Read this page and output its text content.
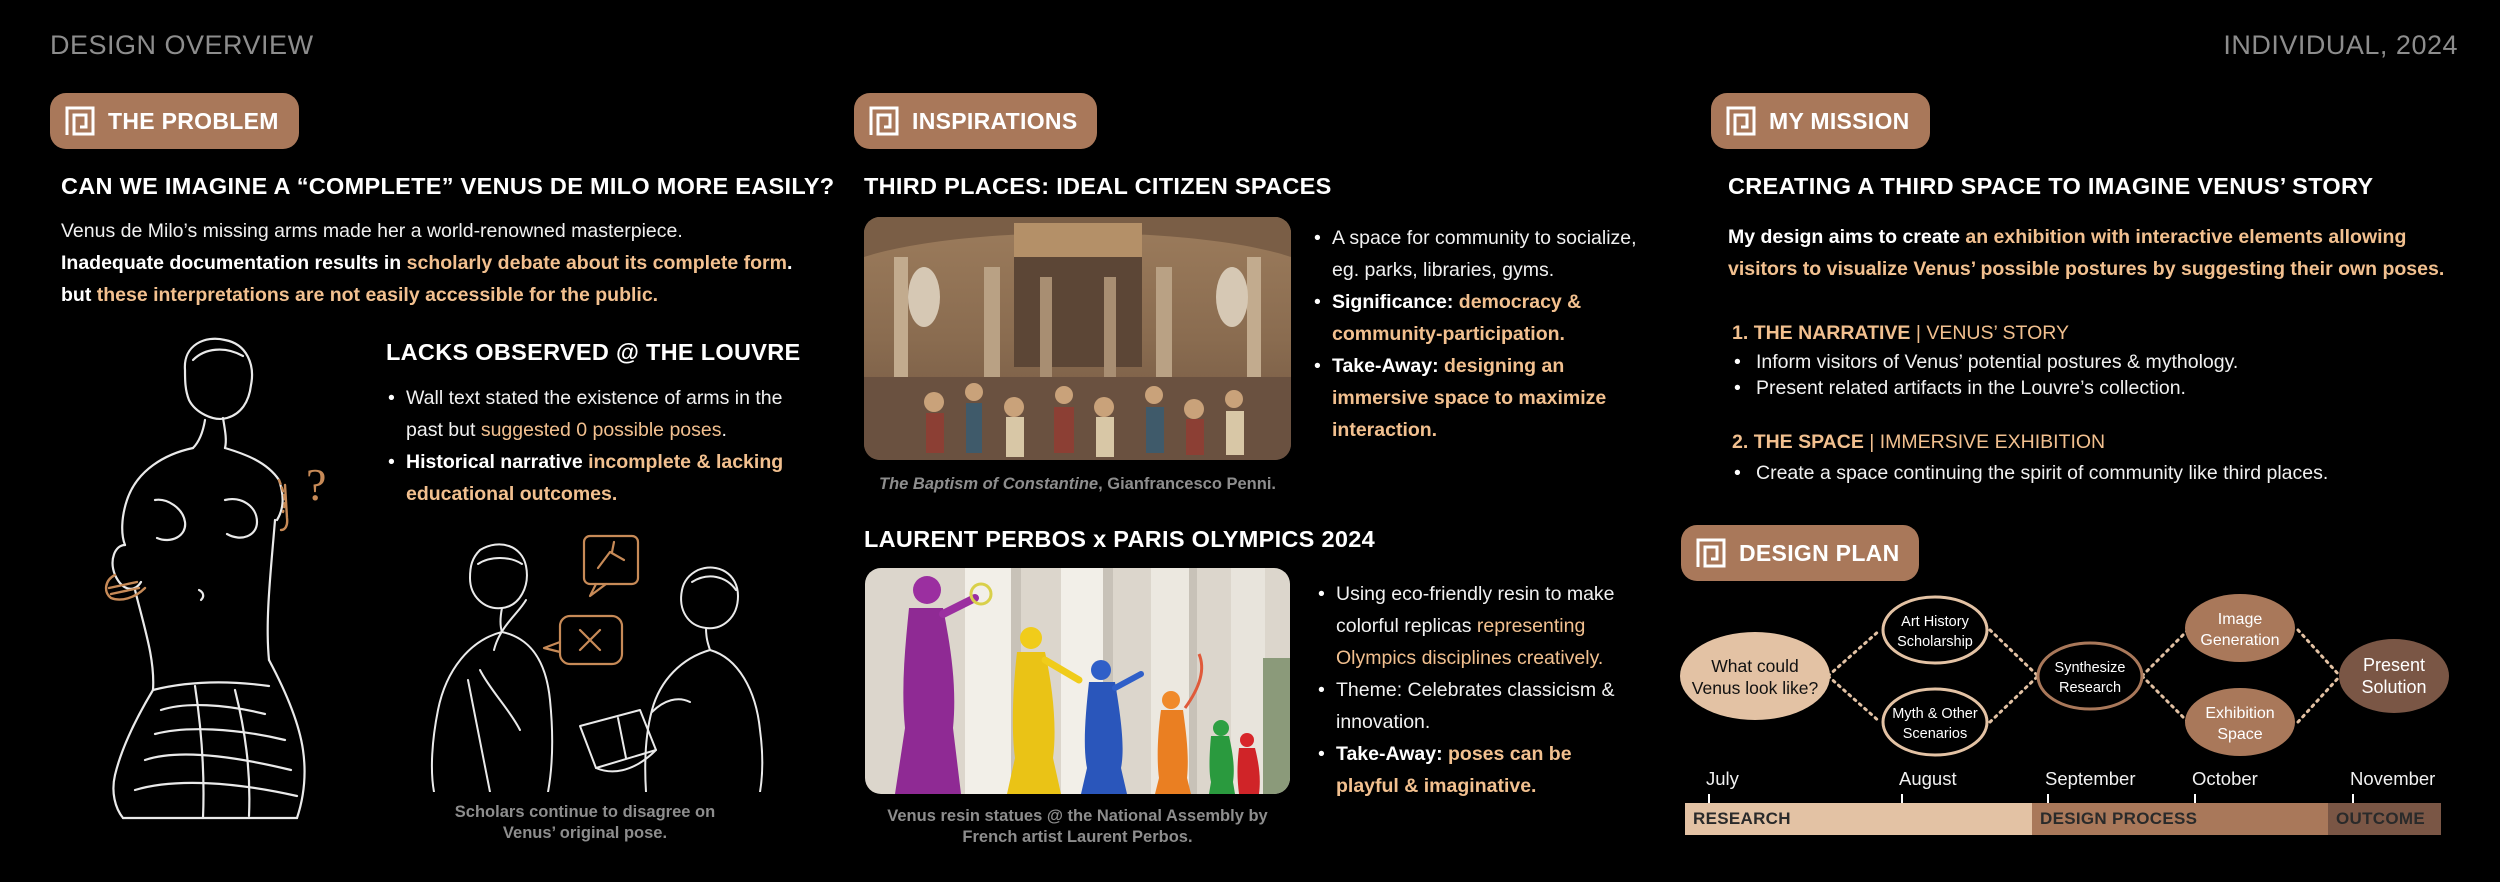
DESIGN OVERVIEW	INDIVIDUAL, 2024
THE PROBLEM
CAN WE IMAGINE A “COMPLETE” VENUS DE MILO MORE EASILY?
Venus de Milo’s missing arms made her a world-renowned masterpiece.
Inadequate documentation results in scholarly debate about its complete form.
but these interpretations are not easily accessible for the public.
?
LACKS OBSERVED @ THE LOUVRE
• Wall text stated the existence of arms in the past but suggested 0 possible poses.
• Historical narrative incomplete & lacking educational outcomes.
Scholars continue to disagree on
Venus’ original pose.
INSPIRATIONS
THIRD PLACES: IDEAL CITIZEN SPACES
The Baptism of Constantine, Gianfrancesco Penni.
• A space for community to socialize, eg. parks, libraries, gyms.
• Significance: democracy & community-participation.
• Take-Away: designing an immersive space to maximize interaction.
LAURENT PERBOS x PARIS OLYMPICS 2024
Venus resin statues @ the National Assembly by
French artist Laurent Perbos.
• Using eco-friendly resin to make colorful replicas representing Olympics disciplines creatively.
• Theme: Celebrates classicism & innovation.
• Take-Away: poses can be playful & imaginative.
MY MISSION
CREATING A THIRD SPACE TO IMAGINE VENUS’ STORY
My design aims to create an exhibition with interactive elements allowing visitors to visualize Venus’ possible postures by suggesting their own poses.
1. THE NARRATIVE | VENUS’ STORY
• Inform visitors of Venus’ potential postures & mythology.
• Present related artifacts in the Louvre’s collection.
2. THE SPACE | IMMERSIVE EXHIBITION
• Create a space continuing the spirit of community like third places.
DESIGN PLAN
What could
Venus look like?
Art History
Scholarship
Myth & Other
Scenarios
Synthesize
Research
Image
Generation
Exhibition
Space
Present
Solution
July	August	September	October	November
RESEARCH	DESIGN PROCESS	OUTCOME
